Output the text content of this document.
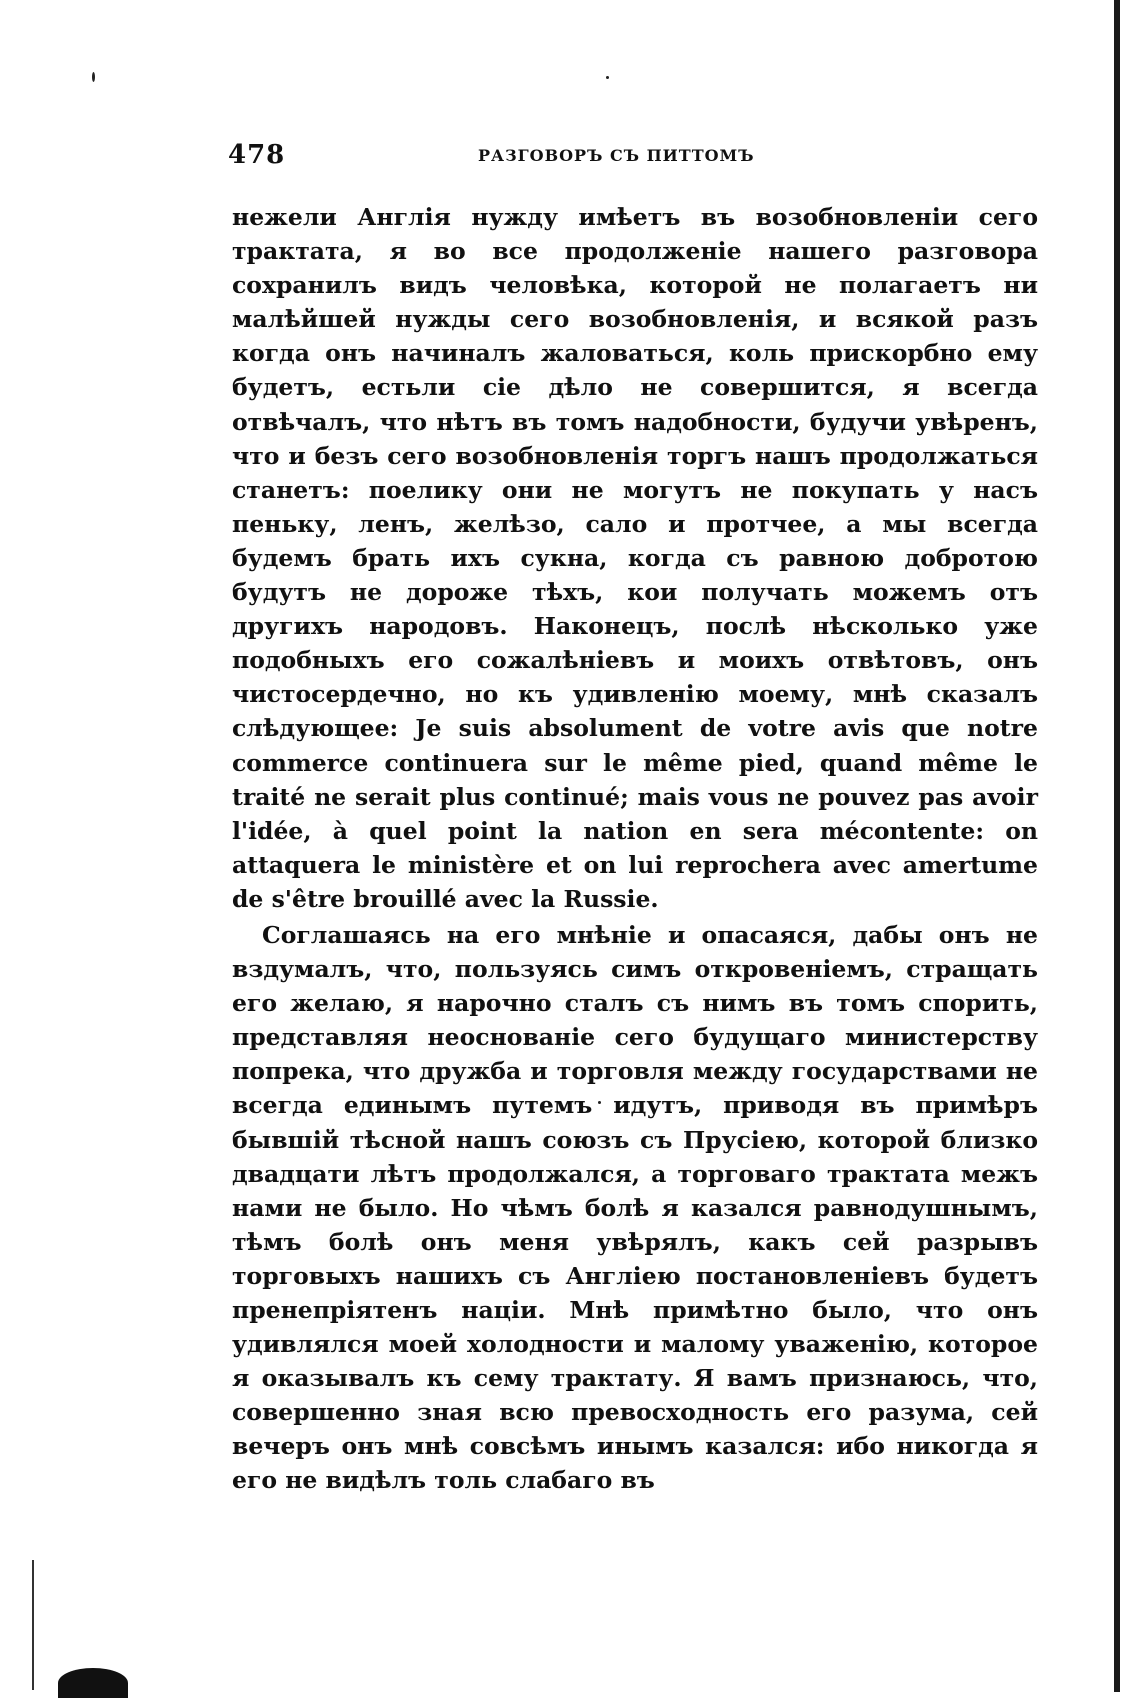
478	РАЗГОВОРЪ СЪ ПИТТОМЪ

нежели Англія нужду имѣетъ въ возобновленіи сего трактата, я во все продолженіе нашего разговора сохранилъ видъ человѣка, которой не полагаетъ ни малѣйшей нужды сего возобновленія, и всякой разъ когда онъ начиналъ жаловаться, коль прискорбно ему будетъ, естьли сіе дѣло не совершится, я всегда отвѣчалъ, что нѣтъ въ томъ надобности, будучи увѣренъ, что и безъ сего возобновленія торгъ нашъ продолжаться станетъ: поелику они не могутъ не покупать у насъ пеньку, ленъ, желѣзо, сало и протчее, а мы всегда будемъ брать ихъ сукна, когда съ равною добротою будутъ не дороже тѣхъ, кои получать можемъ отъ другихъ народовъ. Наконецъ, послѣ нѣсколько уже подобныхъ его сожалѣніевъ и моихъ отвѣтовъ, онъ чистосердечно, но къ удивленію моему, мнѣ сказалъ слѣдующее: Je suis absolument de votre avis que notre commerce continuera sur le même pied, quand même le traité ne serait plus continué; mais vous ne pouvez pas avoir l'idée, à quel point la nation en sera mécontente: on attaquera le ministère et on lui reprochera avec amertume de s'être brouillé avec la Russie.

Соглашаясь на его мнѣніе и опасаяся, дабы онъ не вздумалъ, что, пользуясь симъ откровеніемъ, стращать его желаю, я нарочно сталъ съ нимъ въ томъ спорить, представляя неоснованіе сего будущаго министерству попрека, что дружба и торговля между государствами не всегда единымъ путемъ идутъ, приводя въ примѣръ бывшій тѣсной нашъ союзъ съ Прусіею, которой близко двадцати лѣтъ продолжался, а торговаго трактата межъ нами не было. Но чѣмъ болѣ я казался равнодушнымъ, тѣмъ болѣ онъ меня увѣрялъ, какъ сей разрывъ торговыхъ нашихъ съ Англіею постановленіевъ будетъ пренепріятенъ націи. Мнѣ примѣтно было, что онъ удивлялся моей холодности и малому уваженію, которое я оказывалъ къ сему трактату. Я вамъ признаюсь, что, совершенно зная всю превосходность его разума, сей вечеръ онъ мнѣ совсѣмъ инымъ казался: ибо никогда я его не видѣлъ толь слабаго въ
